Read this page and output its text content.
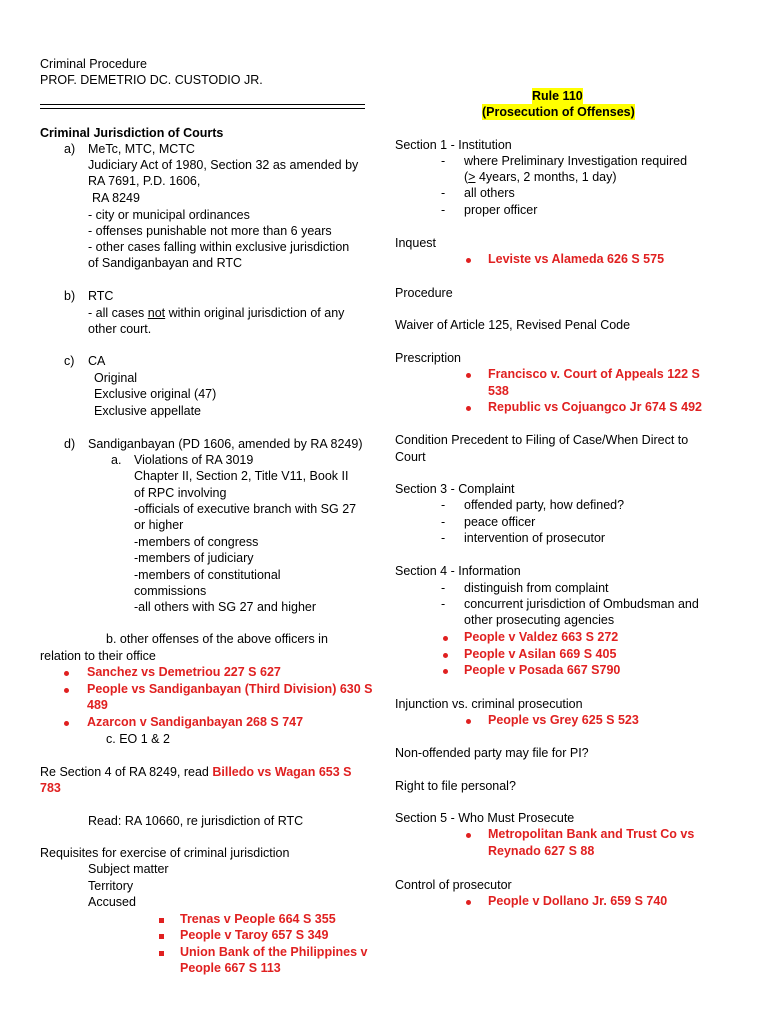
Criminal Procedure
PROF. DEMETRIO DC. CUSTODIO JR.
Criminal Jurisdiction of Courts
a) MeTc, MTC, MCTC
Judiciary Act of 1980, Section 32 as amended by
RA 7691, P.D. 1606,
RA 8249
- city or municipal ordinances
- offenses punishable not more than 6 years
- other cases falling within exclusive jurisdiction
of Sandiganbayan and RTC
b) RTC
- all cases not within original jurisdiction of any
other court.
c) CA
Original
Exclusive original (47)
Exclusive appellate
d) Sandiganbayan (PD 1606, amended by RA 8249)
a. Violations of RA 3019
Chapter II, Section 2, Title V11, Book II
of RPC involving
-officials of executive branch with SG 27
or higher
-members of congress
-members of judiciary
-members of constitutional
commissions
-all others with SG 27 and higher
b. other offenses of the above officers in
relation to their office
Sanchez vs Demetriou 227 S 627
People vs Sandiganbayan (Third Division) 630 S
489
Azarcon v Sandiganbayan 268 S 747
c. EO 1 & 2
Re Section 4 of RA 8249, read Billedo vs Wagan 653 S
783
Read: RA 10660, re jurisdiction of RTC
Requisites for exercise of criminal jurisdiction
Subject matter
Territory
Accused
Trenas v People 664 S 355
People v Taroy 657 S 349
Union Bank of the Philippines v
People 667 S 113
Rule 110
(Prosecution of Offenses)
Section 1 - Institution
- where Preliminary Investigation required
(≥ 4years, 2 months, 1 day)
- all others
- proper officer
Inquest
Leviste vs Alameda 626 S 575
Procedure
Waiver of Article 125, Revised Penal Code
Prescription
Francisco v. Court of Appeals 122 S
538
Republic vs Cojuangco Jr 674 S 492
Condition Precedent to Filing of Case/When Direct to
Court
Section 3 - Complaint
- offended party, how defined?
- peace officer
- intervention of prosecutor
Section 4 - Information
- distinguish from complaint
- concurrent jurisdiction of Ombudsman and
other prosecuting agencies
People v Valdez 663 S 272
People v Asilan 669 S 405
People v Posada 667 S790
Injunction vs. criminal prosecution
People vs Grey 625 S 523
Non-offended party may file for PI?
Right to file personal?
Section 5 - Who Must Prosecute
Metropolitan Bank and Trust Co vs
Reynado 627 S 88
Control of prosecutor
People v Dollano Jr. 659 S 740
